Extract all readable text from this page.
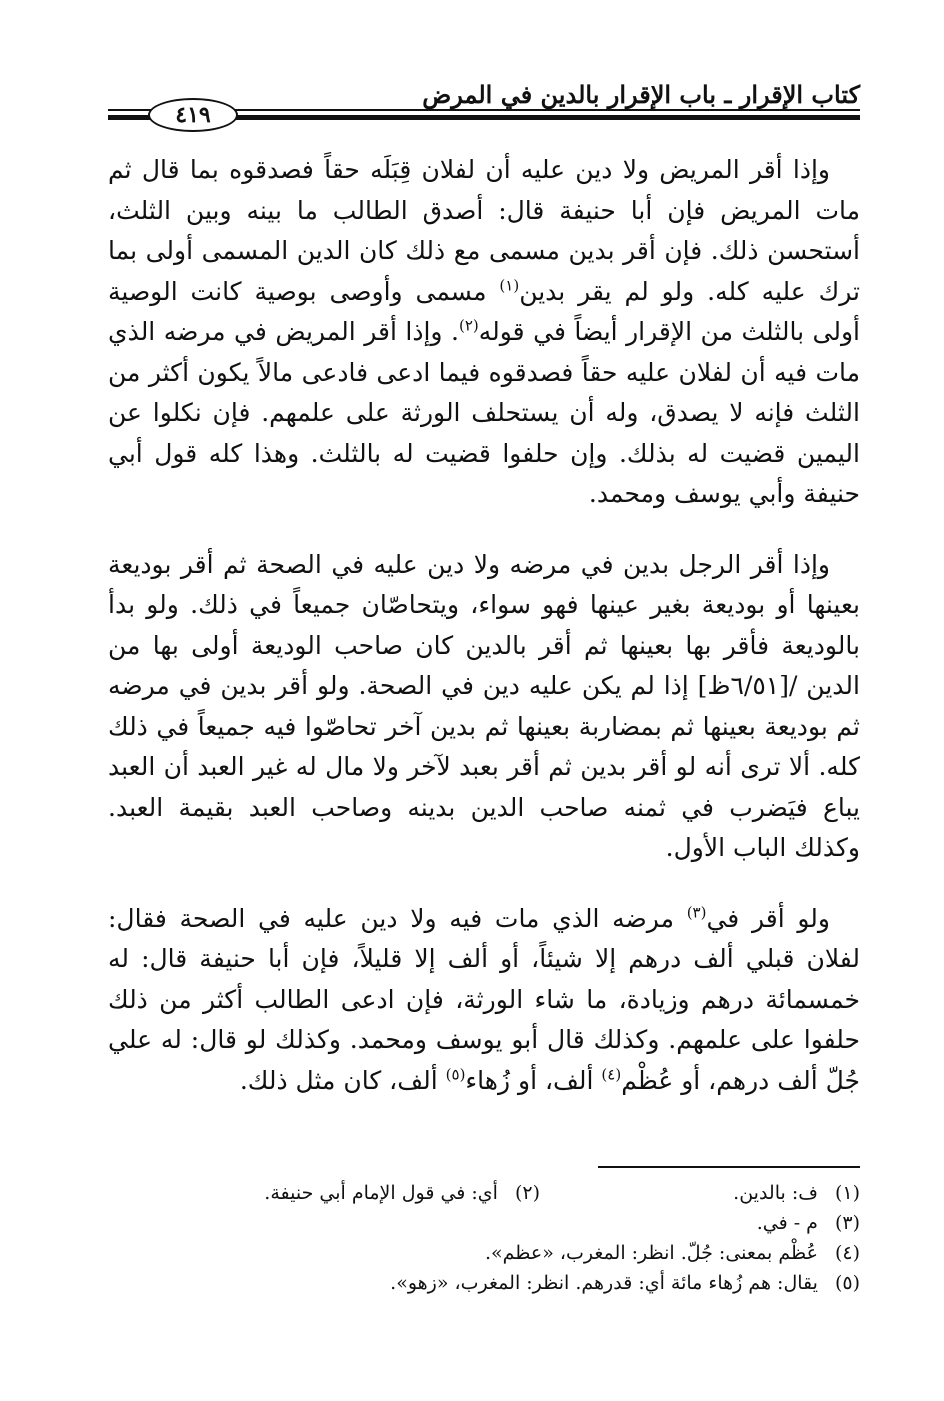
كتاب الإقرار ـ باب الإقرار بالدين في المرض
٤١٩

وإذا أقر المريض ولا دين عليه أن لفلان قِبَلَه حقاً فصدقوه بما قال ثم مات المريض فإن أبا حنيفة قال: أصدق الطالب ما بينه وبين الثلث، أستحسن ذلك. فإن أقر بدين مسمى مع ذلك كان الدين المسمى أولى بما ترك عليه كله. ولو لم يقر بدين$^{(١)}$ مسمى وأوصى بوصية كانت الوصية أولى بالثلث من الإقرار أيضاً في قوله$^{(٢)}$. وإذا أقر المريض في مرضه الذي مات فيه أن لفلان عليه حقاً فصدقوه فيما ادعى فادعى مالاً يكون أكثر من الثلث فإنه لا يصدق، وله أن يستحلف الورثة على علمهم. فإن نكلوا عن اليمين قضيت له بذلك. وإن حلفوا قضيت له بالثلث. وهذا كله قول أبي حنيفة وأبي يوسف ومحمد.

وإذا أقر الرجل بدين في مرضه ولا دين عليه في الصحة ثم أقر بوديعة بعينها أو بوديعة بغير عينها فهو سواء، ويتحاصّان جميعاً في ذلك. ولو بدأ بالوديعة فأقر بها بعينها ثم أقر بالدين كان صاحب الوديعة أولى بها من الدين /[٦/٥١ظ] إذا لم يكن عليه دين في الصحة. ولو أقر بدين في مرضه ثم بوديعة بعينها ثم بمضاربة بعينها ثم بدين آخر تحاصّوا فيه جميعاً في ذلك كله. ألا ترى أنه لو أقر بدين ثم أقر بعبد لآخر ولا مال له غير العبد أن العبد يباع فيَضرب في ثمنه صاحب الدين بدينه وصاحب العبد بقيمة العبد. وكذلك الباب الأول.

ولو أقر في$^{(٣)}$ مرضه الذي مات فيه ولا دين عليه في الصحة فقال: لفلان قبلي ألف درهم إلا شيئاً، أو ألف إلا قليلاً، فإن أبا حنيفة قال: له خمسمائة درهم وزيادة، ما شاء الورثة، فإن ادعى الطالب أكثر من ذلك حلفوا على علمهم. وكذلك قال أبو يوسف ومحمد. وكذلك لو قال: له علي جُلّ ألف درهم، أو عُظْم$^{(٤)}$ ألف، أو زُهاء$^{(٥)}$ ألف، كان مثل ذلك.

(١) ف: بالدين.
(٢) أي: في قول الإمام أبي حنيفة.
(٣) م - في.
(٤) عُظْم بمعنى: جُلّ. انظر: المغرب، «عظم».
(٥) يقال: هم زُهاء مائة أي: قدرهم. انظر: المغرب، «زهو».
